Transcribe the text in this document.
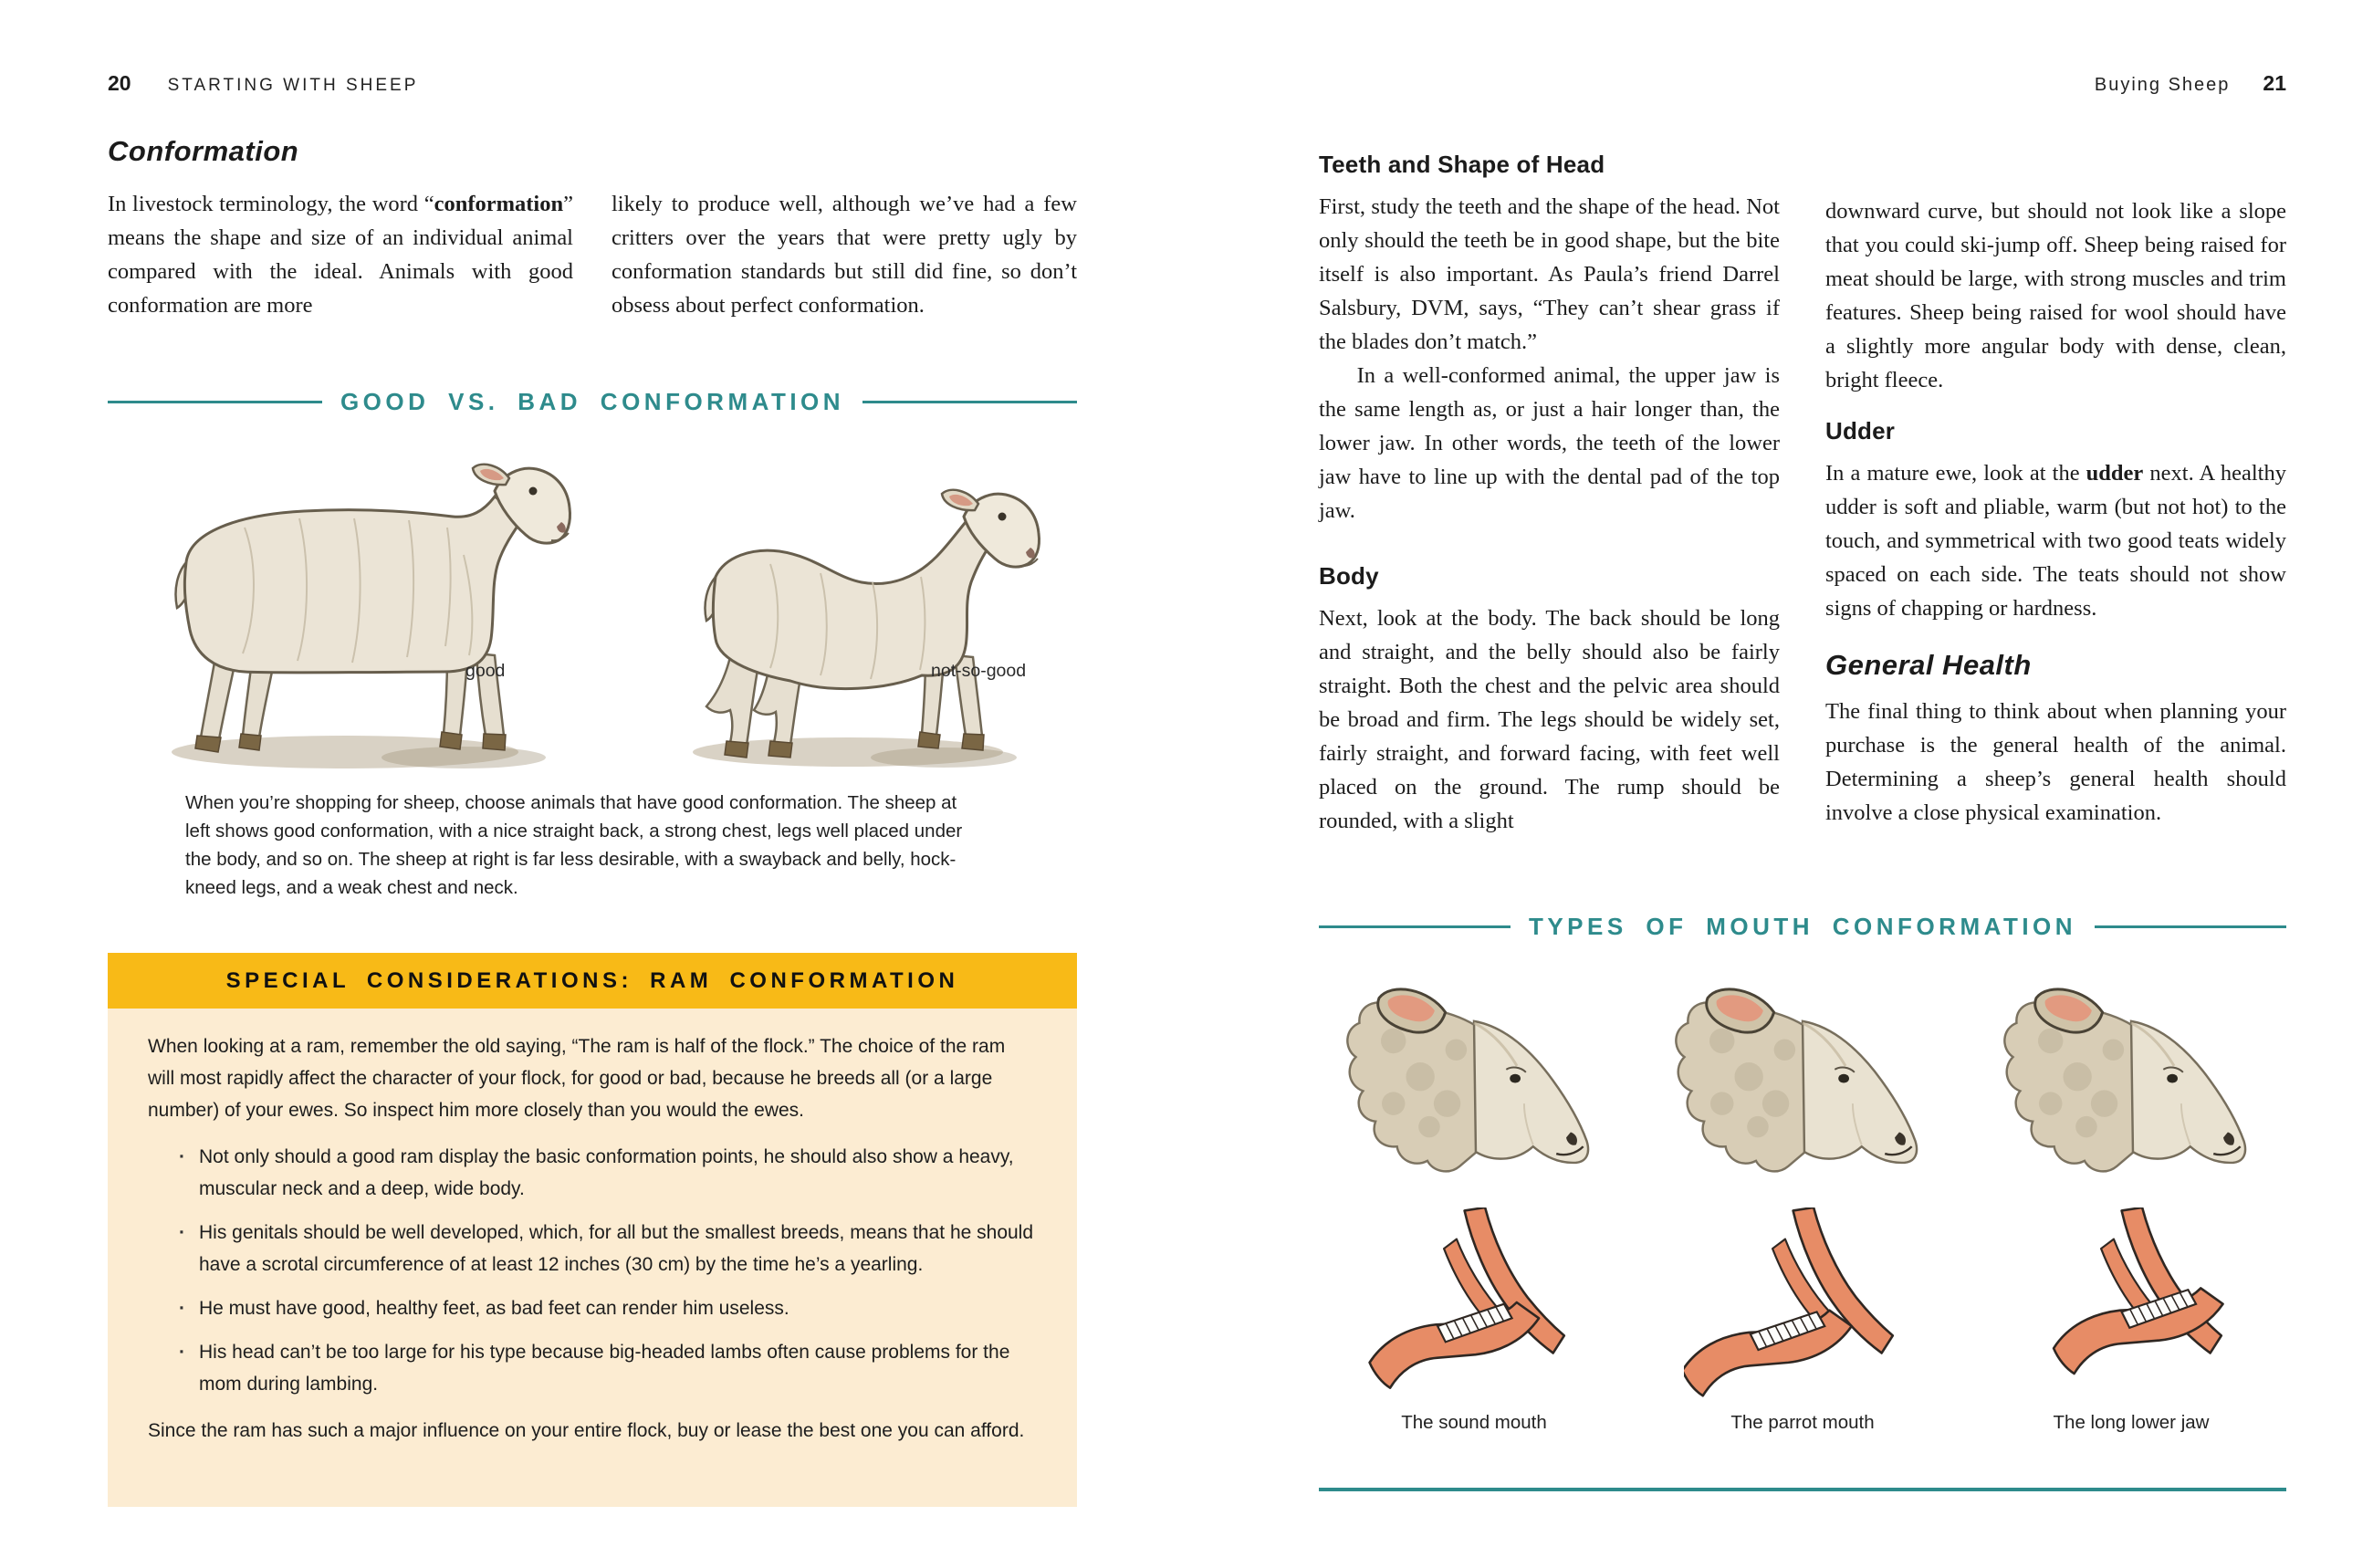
20 STARTING WITH SHEEP
Conformation

In livestock terminology, the word “conformation” means the shape and size of an individual animal compared with the ideal. Animals with good conformation are more

likely to produce well, although we’ve had a few critters over the years that were pretty ugly by conformation standards but still did fine, so don’t obsess about perfect conformation.

GOOD VS. BAD CONFORMATION
good	not-so-good
When you’re shopping for sheep, choose animals that have good conformation. The sheep at left shows good conformation, with a nice straight back, a strong chest, legs well placed under the body, and so on. The sheep at right is far less desirable, with a swayback and belly, hock-kneed legs, and a weak chest and neck.
SPECIAL CONSIDERATIONS: RAM CONFORMATION
When looking at a ram, remember the old saying, “The ram is half of the flock.” The choice of the ram will most rapidly affect the character of your flock, for good or bad, because he breeds all (or a large number) of your ewes. So inspect him more closely than you would the ewes.
· Not only should a good ram display the basic conformation points, he should also show a heavy, muscular neck and a deep, wide body.
· His genitals should be well developed, which, for all but the smallest breeds, means that he should have a scrotal circumference of at least 12 inches (30 cm) by the time he’s a yearling.
· He must have good, healthy feet, as bad feet can render him useless.
· His head can’t be too large for his type because big-headed lambs often cause problems for the mom during lambing.
Since the ram has such a major influence on your entire flock, buy or lease the best one you can afford.
Buying Sheep 21
Teeth and Shape of Head

First, study the teeth and the shape of the head. Not only should the teeth be in good shape, but the bite itself is also important. As Paula’s friend Darrel Salsbury, DVM, says, “They can’t shear grass if the blades don’t match.”

In a well-conformed animal, the upper jaw is the same length as, or just a hair longer than, the lower jaw. In other words, the teeth of the lower jaw have to line up with the dental pad of the top jaw.

Body

Next, look at the body. The back should be long and straight, and the belly should also be fairly straight. Both the chest and the pelvic area should be broad and firm. The legs should be widely set, fairly straight, and forward facing, with feet well placed on the ground. The rump should be rounded, with a slight

downward curve, but should not look like a slope that you could ski-jump off. Sheep being raised for meat should be large, with strong muscles and trim features. Sheep being raised for wool should have a slightly more angular body with dense, clean, bright fleece.

Udder

In a mature ewe, look at the udder next. A healthy udder is soft and pliable, warm (but not hot) to the touch, and symmetrical with two good teats widely spaced on each side. The teats should not show signs of chapping or hardness.

General Health

The final thing to think about when planning your purchase is the general health of the animal. Determining a sheep’s general health should involve a close physical examination.

TYPES OF MOUTH CONFORMATION
The sound mouth	The parrot mouth	The long lower jaw
